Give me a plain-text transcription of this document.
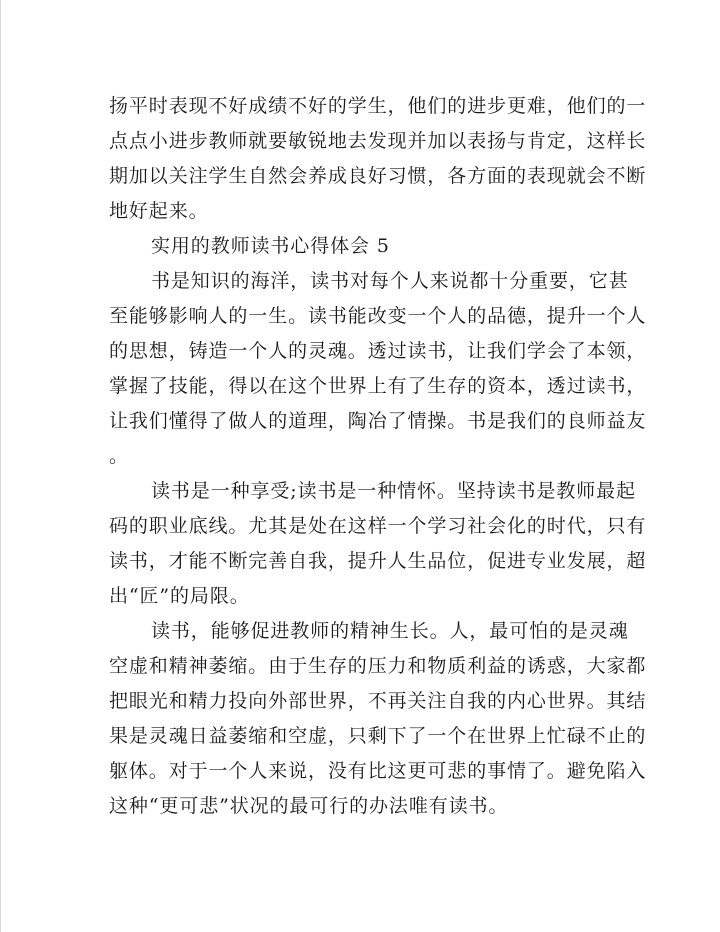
扬平时表现不好成绩不好的学生，他们的进步更难，他们的一
点点小进步教师就要敏锐地去发现并加以表扬与肯定，这样长
期加以关注学生自然会养成良好习惯，各方面的表现就会不断
地好起来。
实用的教师读书心得体会 5
书是知识的海洋，读书对每个人来说都十分重要，它甚
至能够影响人的一生。读书能改变一个人的品德，提升一个人
的思想，铸造一个人的灵魂。透过读书，让我们学会了本领，
掌握了技能，得以在这个世界上有了生存的资本，透过读书，
让我们懂得了做人的道理，陶冶了情操。书是我们的良师益友
。
读书是一种享受;读书是一种情怀。坚持读书是教师最起
码的职业底线。尤其是处在这样一个学习社会化的时代，只有
读书，才能不断完善自我，提升人生品位，促进专业发展，超
出“匠”的局限。
读书，能够促进教师的精神生长。人，最可怕的是灵魂
空虚和精神萎缩。由于生存的压力和物质利益的诱惑，大家都
把眼光和精力投向外部世界，不再关注自我的内心世界。其结
果是灵魂日益萎缩和空虚，只剩下了一个在世界上忙碌不止的
躯体。对于一个人来说，没有比这更可悲的事情了。避免陷入
这种“更可悲”状况的最可行的办法唯有读书。
